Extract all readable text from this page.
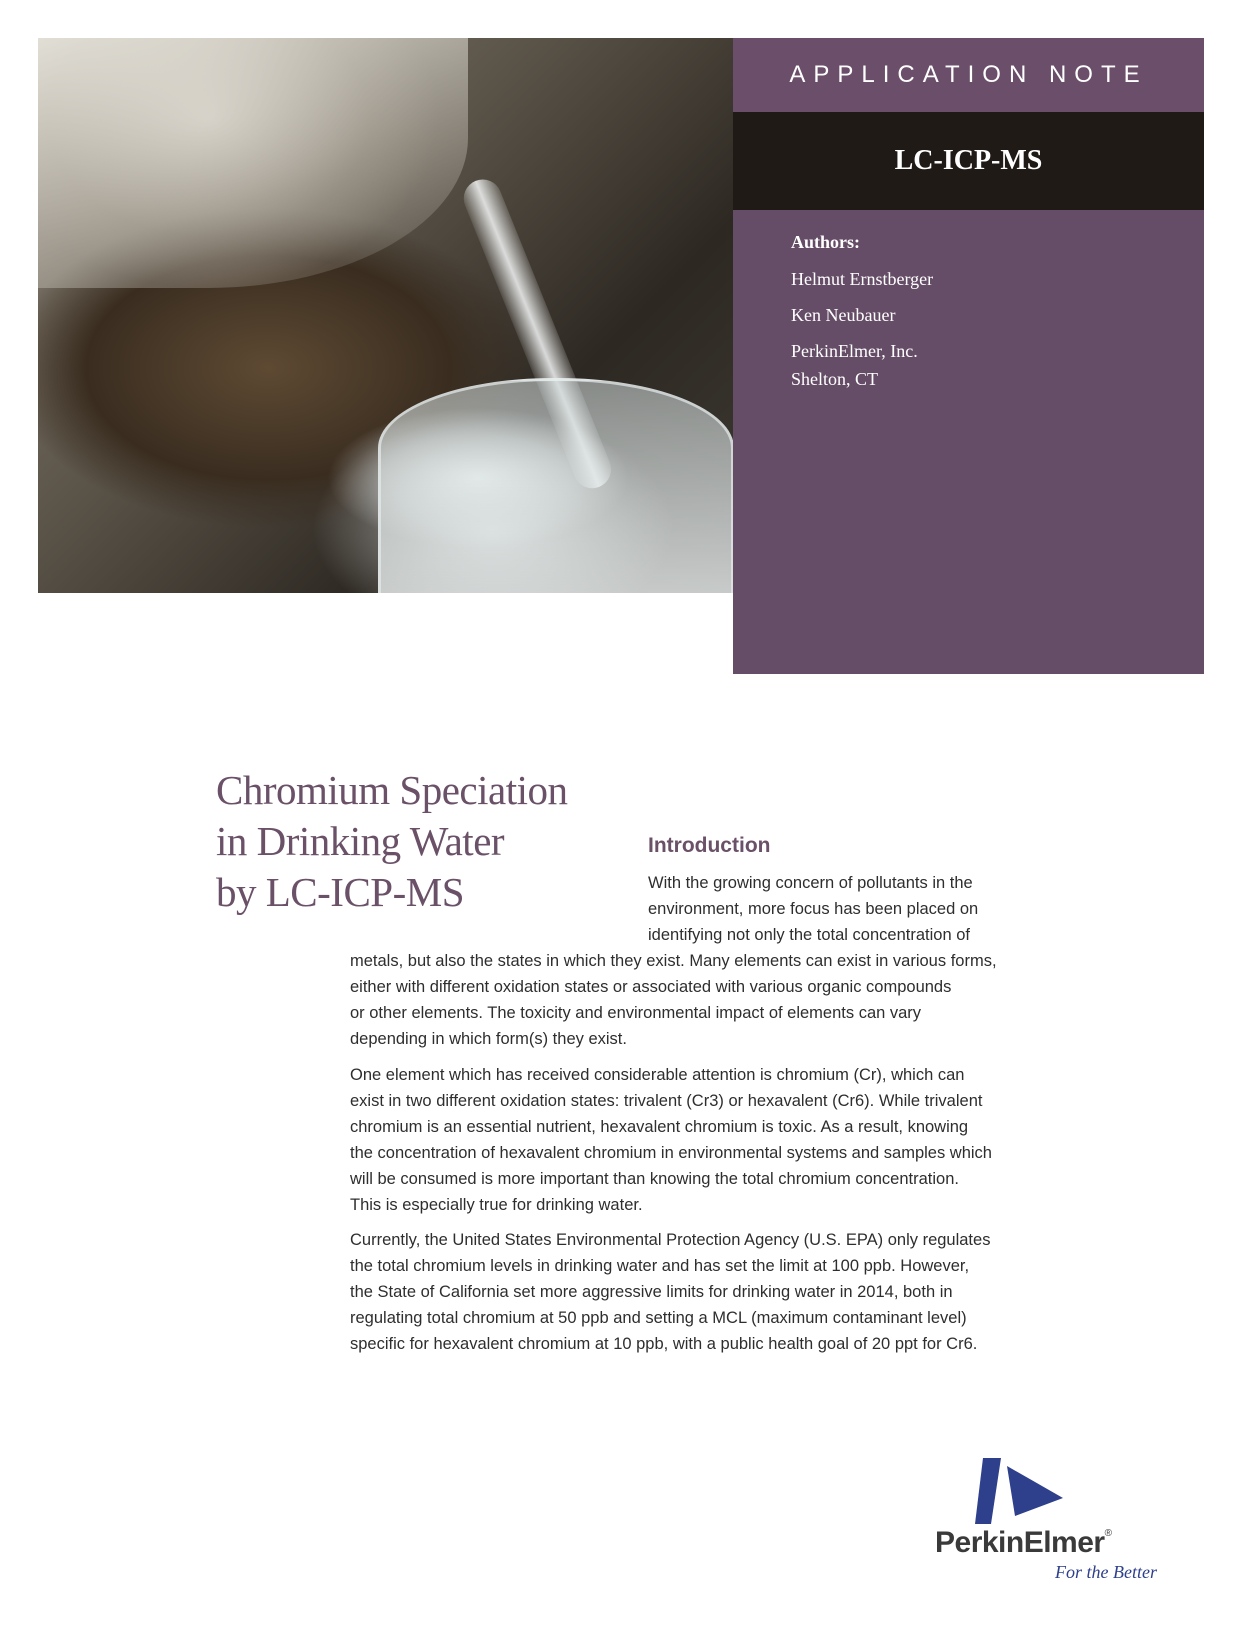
APPLICATION NOTE
LC-ICP-MS
Authors:
Helmut Ernstberger
Ken Neubauer
PerkinElmer, Inc.
Shelton, CT
Chromium Speciation
in Drinking Water
by LC-ICP-MS
Introduction
With the growing concern of pollutants in the
environment, more focus has been placed on
identifying not only the total concentration of
metals, but also the states in which they exist. Many elements can exist in various forms,
either with different oxidation states or associated with various organic compounds
or other elements. The toxicity and environmental impact of elements can vary
depending in which form(s) they exist.
One element which has received considerable attention is chromium (Cr), which can
exist in two different oxidation states: trivalent (Cr3) or hexavalent (Cr6). While trivalent
chromium is an essential nutrient, hexavalent chromium is toxic. As a result, knowing
the concentration of hexavalent chromium in environmental systems and samples which
will be consumed is more important than knowing the total chromium concentration.
This is especially true for drinking water.
Currently, the United States Environmental Protection Agency (U.S. EPA) only regulates
the total chromium levels in drinking water and has set the limit at 100 ppb. However,
the State of California set more aggressive limits for drinking water in 2014, both in
regulating total chromium at 50 ppb and setting a MCL (maximum contaminant level)
specific for hexavalent chromium at 10 ppb, with a public health goal of 20 ppt for Cr6.
PerkinElmer®
For the Better
